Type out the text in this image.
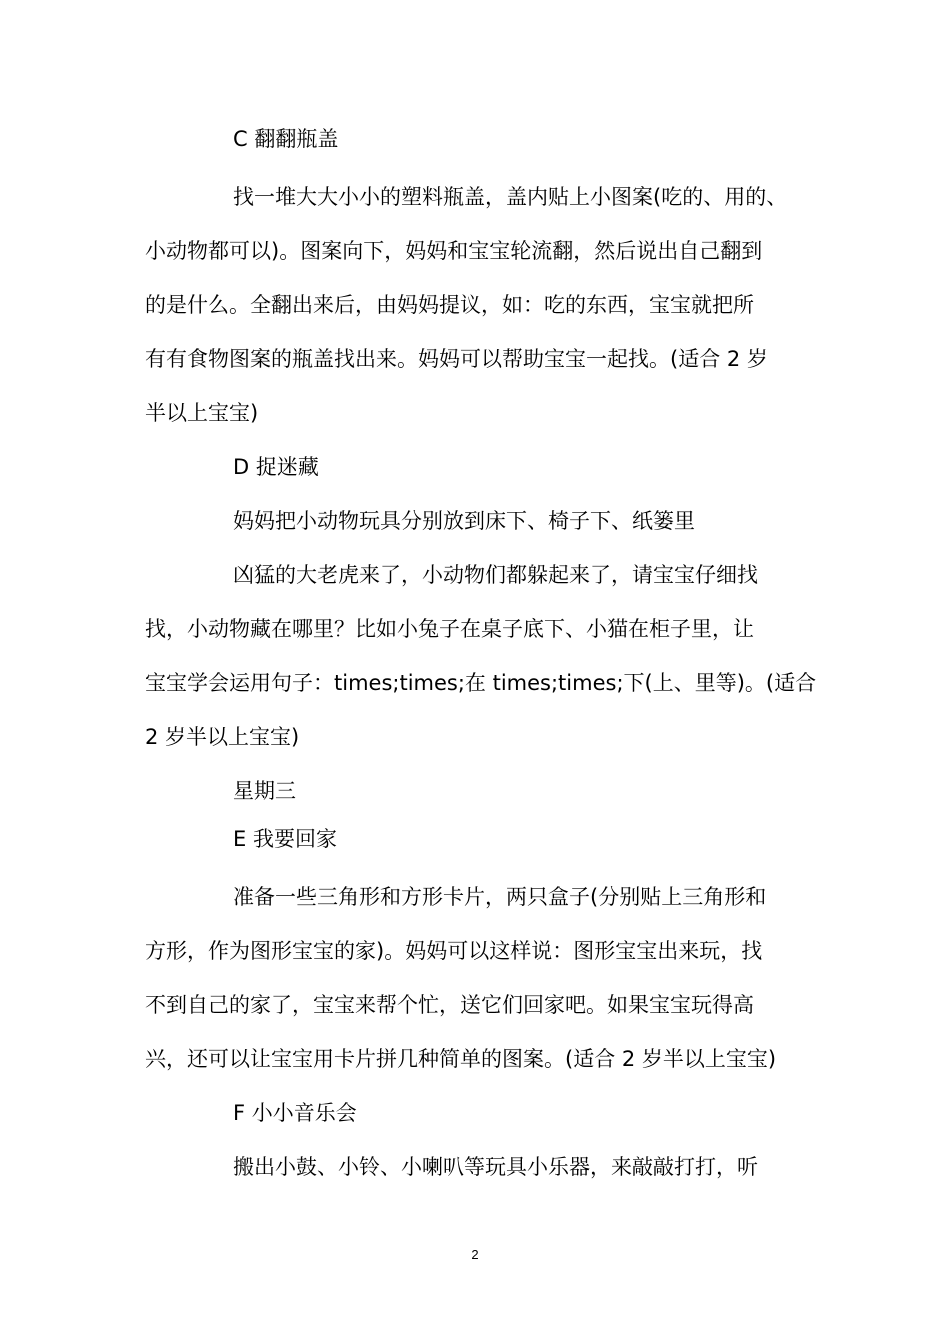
C 翻翻瓶盖
找一堆大大小小的塑料瓶盖，盖内贴上小图案(吃的、用的、
小动物都可以)。图案向下，妈妈和宝宝轮流翻，然后说出自己翻到
的是什么。全翻出来后，由妈妈提议，如：吃的东西，宝宝就把所
有有食物图案的瓶盖找出来。妈妈可以帮助宝宝一起找。(适合 2 岁
半以上宝宝)
D 捉迷藏
妈妈把小动物玩具分别放到床下、椅子下、纸篓里
凶猛的大老虎来了，小动物们都躲起来了，请宝宝仔细找
找，小动物藏在哪里？比如小兔子在桌子底下、小猫在柜子里，让
宝宝学会运用句子：times;times;在 times;times;下(上、里等)。(适合
2 岁半以上宝宝)
星期三
E 我要回家
准备一些三角形和方形卡片，两只盒子(分别贴上三角形和
方形，作为图形宝宝的家)。妈妈可以这样说：图形宝宝出来玩，找
不到自己的家了，宝宝来帮个忙，送它们回家吧。如果宝宝玩得高
兴，还可以让宝宝用卡片拼几种简单的图案。(适合 2 岁半以上宝宝)
F 小小音乐会
搬出小鼓、小铃、小喇叭等玩具小乐器，来敲敲打打，听
2
